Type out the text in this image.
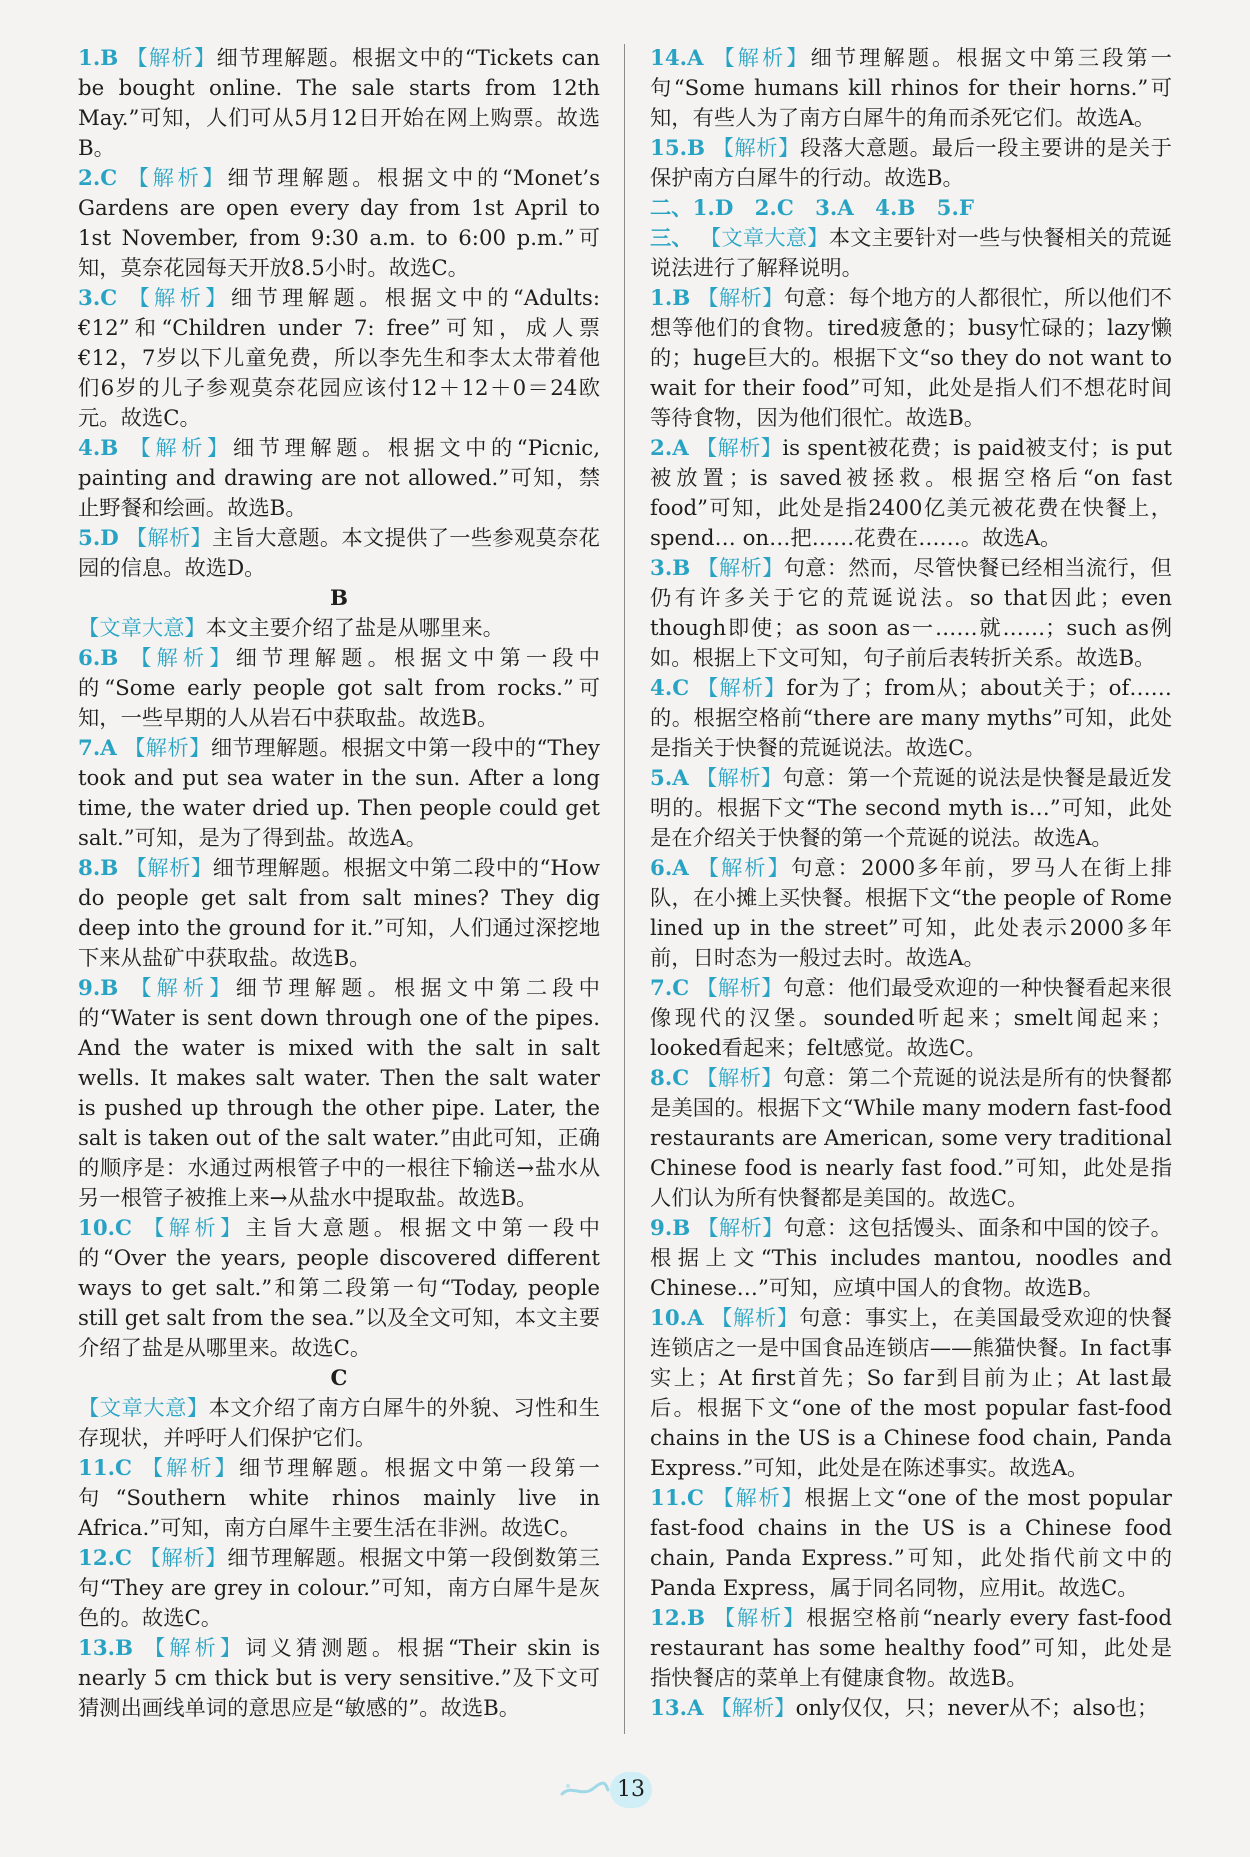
1.B 【解析】细节理解题。根据文中的“Tickets can be bought online. The sale starts from 12th May.”可知，人们可从5月12日开始在网上购票。故选B。

2.C 【解析】细节理解题。根据文中的“Monet’s Gardens are open every day from 1st April to 1st November, from 9:30 a.m. to 6:00 p.m.”可知，莫奈花园每天开放8.5小时。故选C。

3.C 【解析】细节理解题。根据文中的“Adults: €12”和“Children under 7: free”可知，成人票€12，7岁以下儿童免费，所以李先生和李太太带着他们6岁的儿子参观莫奈花园应该付12＋12＋0＝24欧元。故选C。

4.B 【解析】细节理解题。根据文中的“Picnic, painting and drawing are not allowed.”可知，禁止野餐和绘画。故选B。

5.D 【解析】主旨大意题。本文提供了一些参观莫奈花园的信息。故选D。

B

【文章大意】本文主要介绍了盐是从哪里来。

6.B 【解析】细节理解题。根据文中第一段中的“Some early people got salt from rocks.”可知，一些早期的人从岩石中获取盐。故选B。

7.A 【解析】细节理解题。根据文中第一段中的“They took and put sea water in the sun. After a long time, the water dried up. Then people could get salt.”可知，是为了得到盐。故选A。

8.B 【解析】细节理解题。根据文中第二段中的“How do people get salt from salt mines? They dig deep into the ground for it.”可知，人们通过深挖地下来从盐矿中获取盐。故选B。

9.B 【解析】细节理解题。根据文中第二段中的“Water is sent down through one of the pipes. And the water is mixed with the salt in salt wells. It makes salt water. Then the salt water is pushed up through the other pipe. Later, the salt is taken out of the salt water.”由此可知，正确的顺序是：水通过两根管子中的一根往下输送→盐水从另一根管子被推上来→从盐水中提取盐。故选B。

10.C 【解析】主旨大意题。根据文中第一段中的“Over the years, people discovered different ways to get salt.”和第二段第一句“Today, people still get salt from the sea.”以及全文可知，本文主要介绍了盐是从哪里来。故选C。

C

【文章大意】本文介绍了南方白犀牛的外貌、习性和生存现状，并呼吁人们保护它们。

11.C 【解析】细节理解题。根据文中第一段第一句“Southern white rhinos mainly live in Africa.”可知，南方白犀牛主要生活在非洲。故选C。

12.C 【解析】细节理解题。根据文中第一段倒数第三句“They are grey in colour.”可知，南方白犀牛是灰色的。故选C。

13.B 【解析】词义猜测题。根据“Their skin is nearly 5 cm thick but is very sensitive.”及下文可猜测出画线单词的意思应是“敏感的”。故选B。

14.A 【解析】细节理解题。根据文中第三段第一句“Some humans kill rhinos for their horns.”可知，有些人为了南方白犀牛的角而杀死它们。故选A。

15.B 【解析】段落大意题。最后一段主要讲的是关于保护南方白犀牛的行动。故选B。

二、1.D　2.C　3.A　4.B　5.F

三、 【文章大意】本文主要针对一些与快餐相关的荒诞说法进行了解释说明。

1.B 【解析】句意：每个地方的人都很忙，所以他们不想等他们的食物。tired疲惫的；busy忙碌的；lazy懒的；huge巨大的。根据下文“so they do not want to wait for their food”可知，此处是指人们不想花时间等待食物，因为他们很忙。故选B。

2.A 【解析】is spent被花费；is paid被支付；is put被放置；is saved被拯救。根据空格后“on fast food”可知，此处是指2400亿美元被花费在快餐上，spend… on…把……花费在……。故选A。

3.B 【解析】句意：然而，尽管快餐已经相当流行，但仍有许多关于它的荒诞说法。so that因此；even though即使；as soon as一……就……；such as例如。根据上下文可知，句子前后表转折关系。故选B。

4.C 【解析】for为了；from从；about关于；of……的。根据空格前“there are many myths”可知，此处是指关于快餐的荒诞说法。故选C。

5.A 【解析】句意：第一个荒诞的说法是快餐是最近发明的。根据下文“The second myth is…”可知，此处是在介绍关于快餐的第一个荒诞的说法。故选A。

6.A 【解析】句意：2000多年前，罗马人在街上排队，在小摊上买快餐。根据下文“the people of Rome lined up in the street”可知，此处表示2000多年前，日时态为一般过去时。故选A。

7.C 【解析】句意：他们最受欢迎的一种快餐看起来很像现代的汉堡。sounded听起来；smelt闻起来；looked看起来；felt感觉。故选C。

8.C 【解析】句意：第二个荒诞的说法是所有的快餐都是美国的。根据下文“While many modern fast-food restaurants are American, some very traditional Chinese food is nearly fast food.”可知，此处是指人们认为所有快餐都是美国的。故选C。

9.B 【解析】句意：这包括馒头、面条和中国的饺子。根据上文“This includes mantou, noodles and Chinese…”可知，应填中国人的食物。故选B。

10.A 【解析】句意：事实上，在美国最受欢迎的快餐连锁店之一是中国食品连锁店——熊猫快餐。In fact事实上；At first首先；So far到目前为止；At last最后。根据下文“one of the most popular fast-food chains in the US is a Chinese food chain, Panda Express.”可知，此处是在陈述事实。故选A。

11.C 【解析】根据上文“one of the most popular fast-food chains in the US is a Chinese food chain, Panda Express.”可知，此处指代前文中的Panda Express，属于同名同物，应用it。故选C。

12.B 【解析】根据空格前“nearly every fast-food restaurant has some healthy food”可知，此处是指快餐店的菜单上有健康食物。故选B。

13.A 【解析】only仅仅，只；never从不；also也；

13
